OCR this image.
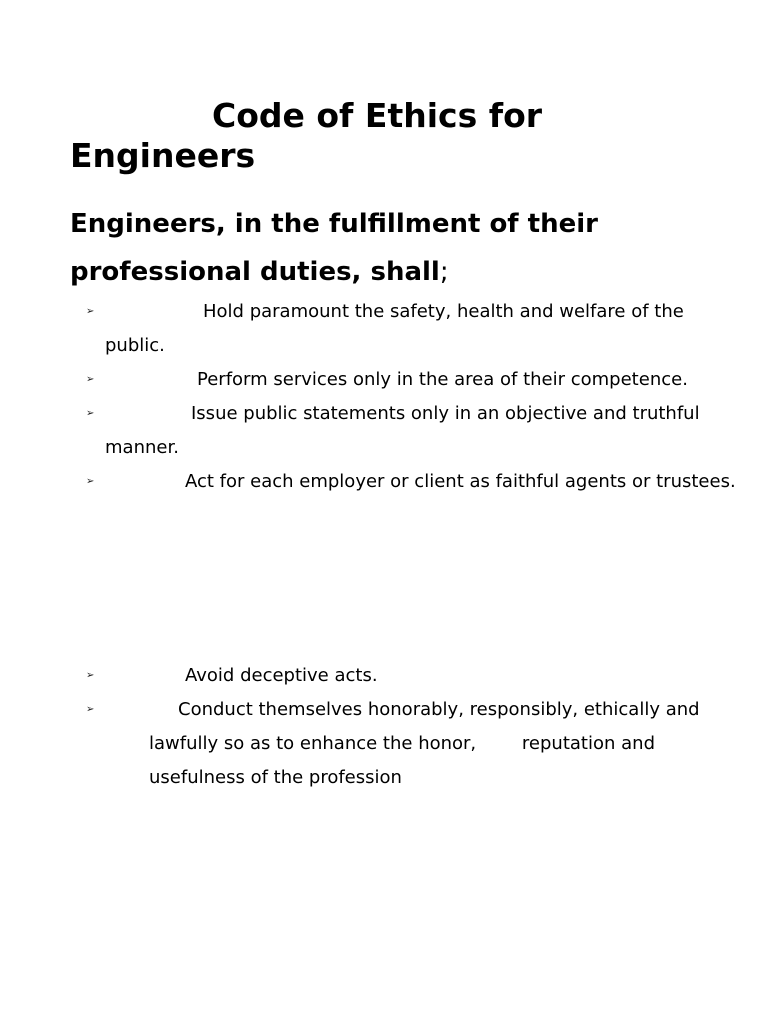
Code of Ethics for Engineers

Engineers, in the fulfillment of their professional duties, shall;

➢	Hold paramount the safety, health and welfare of the public.
➢	Perform services only in the area of their competence.
➢	Issue public statements only in an objective and truthful manner.
➢	Act for each employer or client as faithful agents or trustees.
➢	Avoid deceptive acts.
➢	Conduct themselves honorably, responsibly, ethically and lawfully so as to enhance the honor,        reputation and usefulness of the profession
